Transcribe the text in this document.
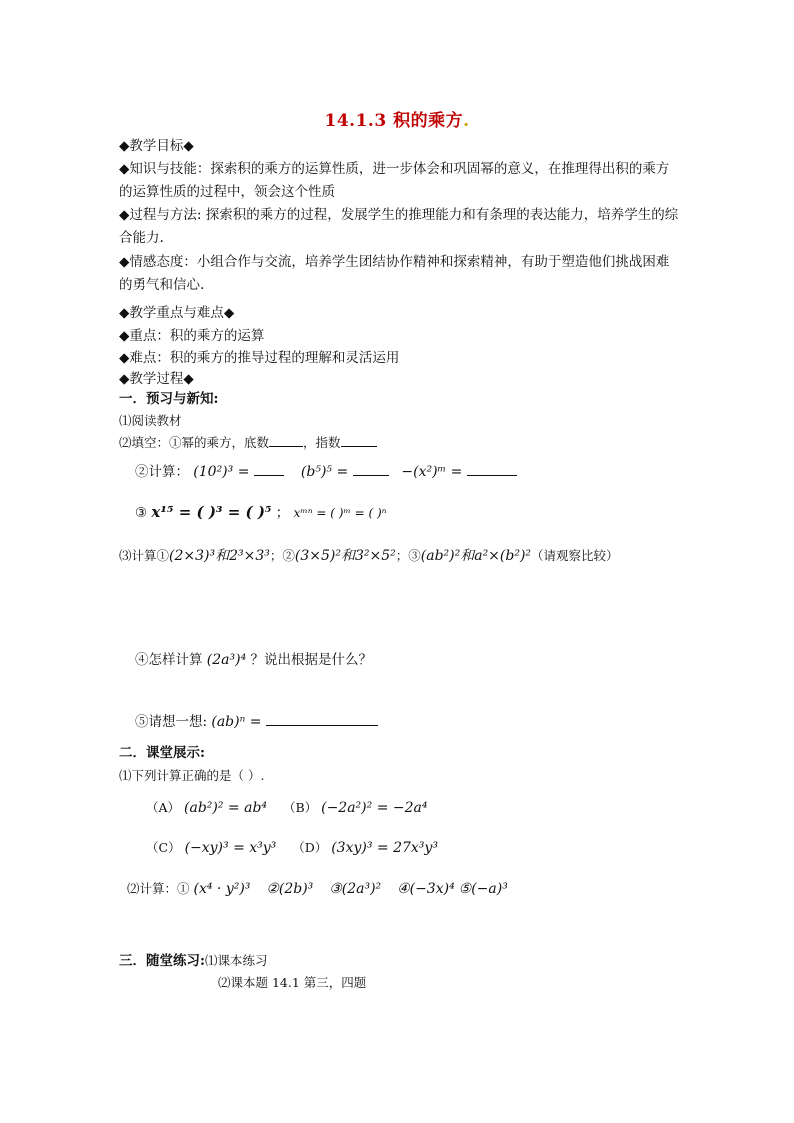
14.1.3 积的乘方.
◆教学目标◆
◆知识与技能：探索积的乘方的运算性质，进一步体会和巩固幂的意义，在推理得出积的乘方的运算性质的过程中，领会这个性质
◆过程与方法: 探索积的乘方的过程，发展学生的推理能力和有条理的表达能力，培养学生的综合能力.
◆情感态度：小组合作与交流，培养学生团结协作精神和探索精神，有助于塑造他们挑战困难的勇气和信心.
◆教学重点与难点◆
◆重点：积的乘方的运算
◆难点：积的乘方的推导过程的理解和灵活运用
◆教学过程◆
一．预习与新知:
⑴阅读教材
⑵填空：①幂的乘方，底数	，指数
②计算： (10²)³ =	(b⁵)⁵ =	−(x²)ᵐ =
③ x¹⁵ = ( )³ = ( )⁵ ； xᵐⁿ = ( )ᵐ = ( )ⁿ
⑶计算①(2×3)³和2³×3³；②(3×5)²和3²×5²；③(ab²)²和a²×(b²)²（请观察比较）
④怎样计算 (2a³)⁴ ？说出根据是什么？
⑤请想一想: (ab)ⁿ =
二．课堂展示:
⑴下列计算正确的是（ ）.
（A） (ab²)² = ab⁴ （B） (−2a²)² = −2a⁴
（C） (−xy)³ = x³y³ （D） (3xy)³ = 27x³y³
⑵计算：① (x⁴ · y²)³ ②(2b)³ ③(2a³)² ④(−3x)⁴ ⑤(−a)³
三．随堂练习:⑴课本练习
⑵课本题 14.1 第三，四题
